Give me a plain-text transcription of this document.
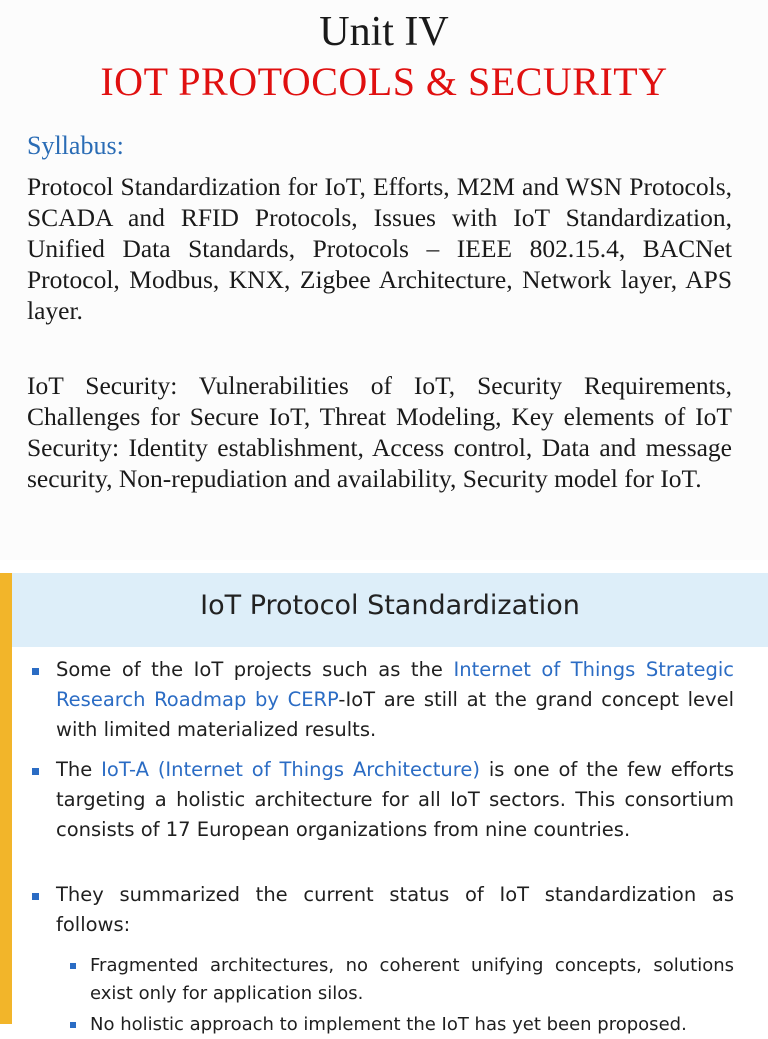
Unit IV
IOT PROTOCOLS & SECURITY
Syllabus:
Protocol Standardization for IoT, Efforts, M2M and WSN Protocols, SCADA and RFID Protocols, Issues with IoT Standardization, Unified Data Standards, Protocols – IEEE 802.15.4, BACNet Protocol, Modbus, KNX, Zigbee Architecture, Network layer, APS layer.
IoT Security: Vulnerabilities of IoT, Security Requirements, Challenges for Secure IoT, Threat Modeling, Key elements of IoT Security: Identity establishment, Access control, Data and message security, Non-repudiation and availability, Security model for IoT.
IoT Protocol Standardization
Some of the IoT projects such as the Internet of Things Strategic Research Roadmap by CERP-IoT are still at the grand concept level with limited materialized results.
The IoT-A (Internet of Things Architecture) is one of the few efforts targeting a holistic architecture for all IoT sectors. This consortium consists of 17 European organizations from nine countries.
They summarized the current status of IoT standardization as follows:
Fragmented architectures, no coherent unifying concepts, solutions exist only for application silos.
No holistic approach to implement the IoT has yet been proposed.
